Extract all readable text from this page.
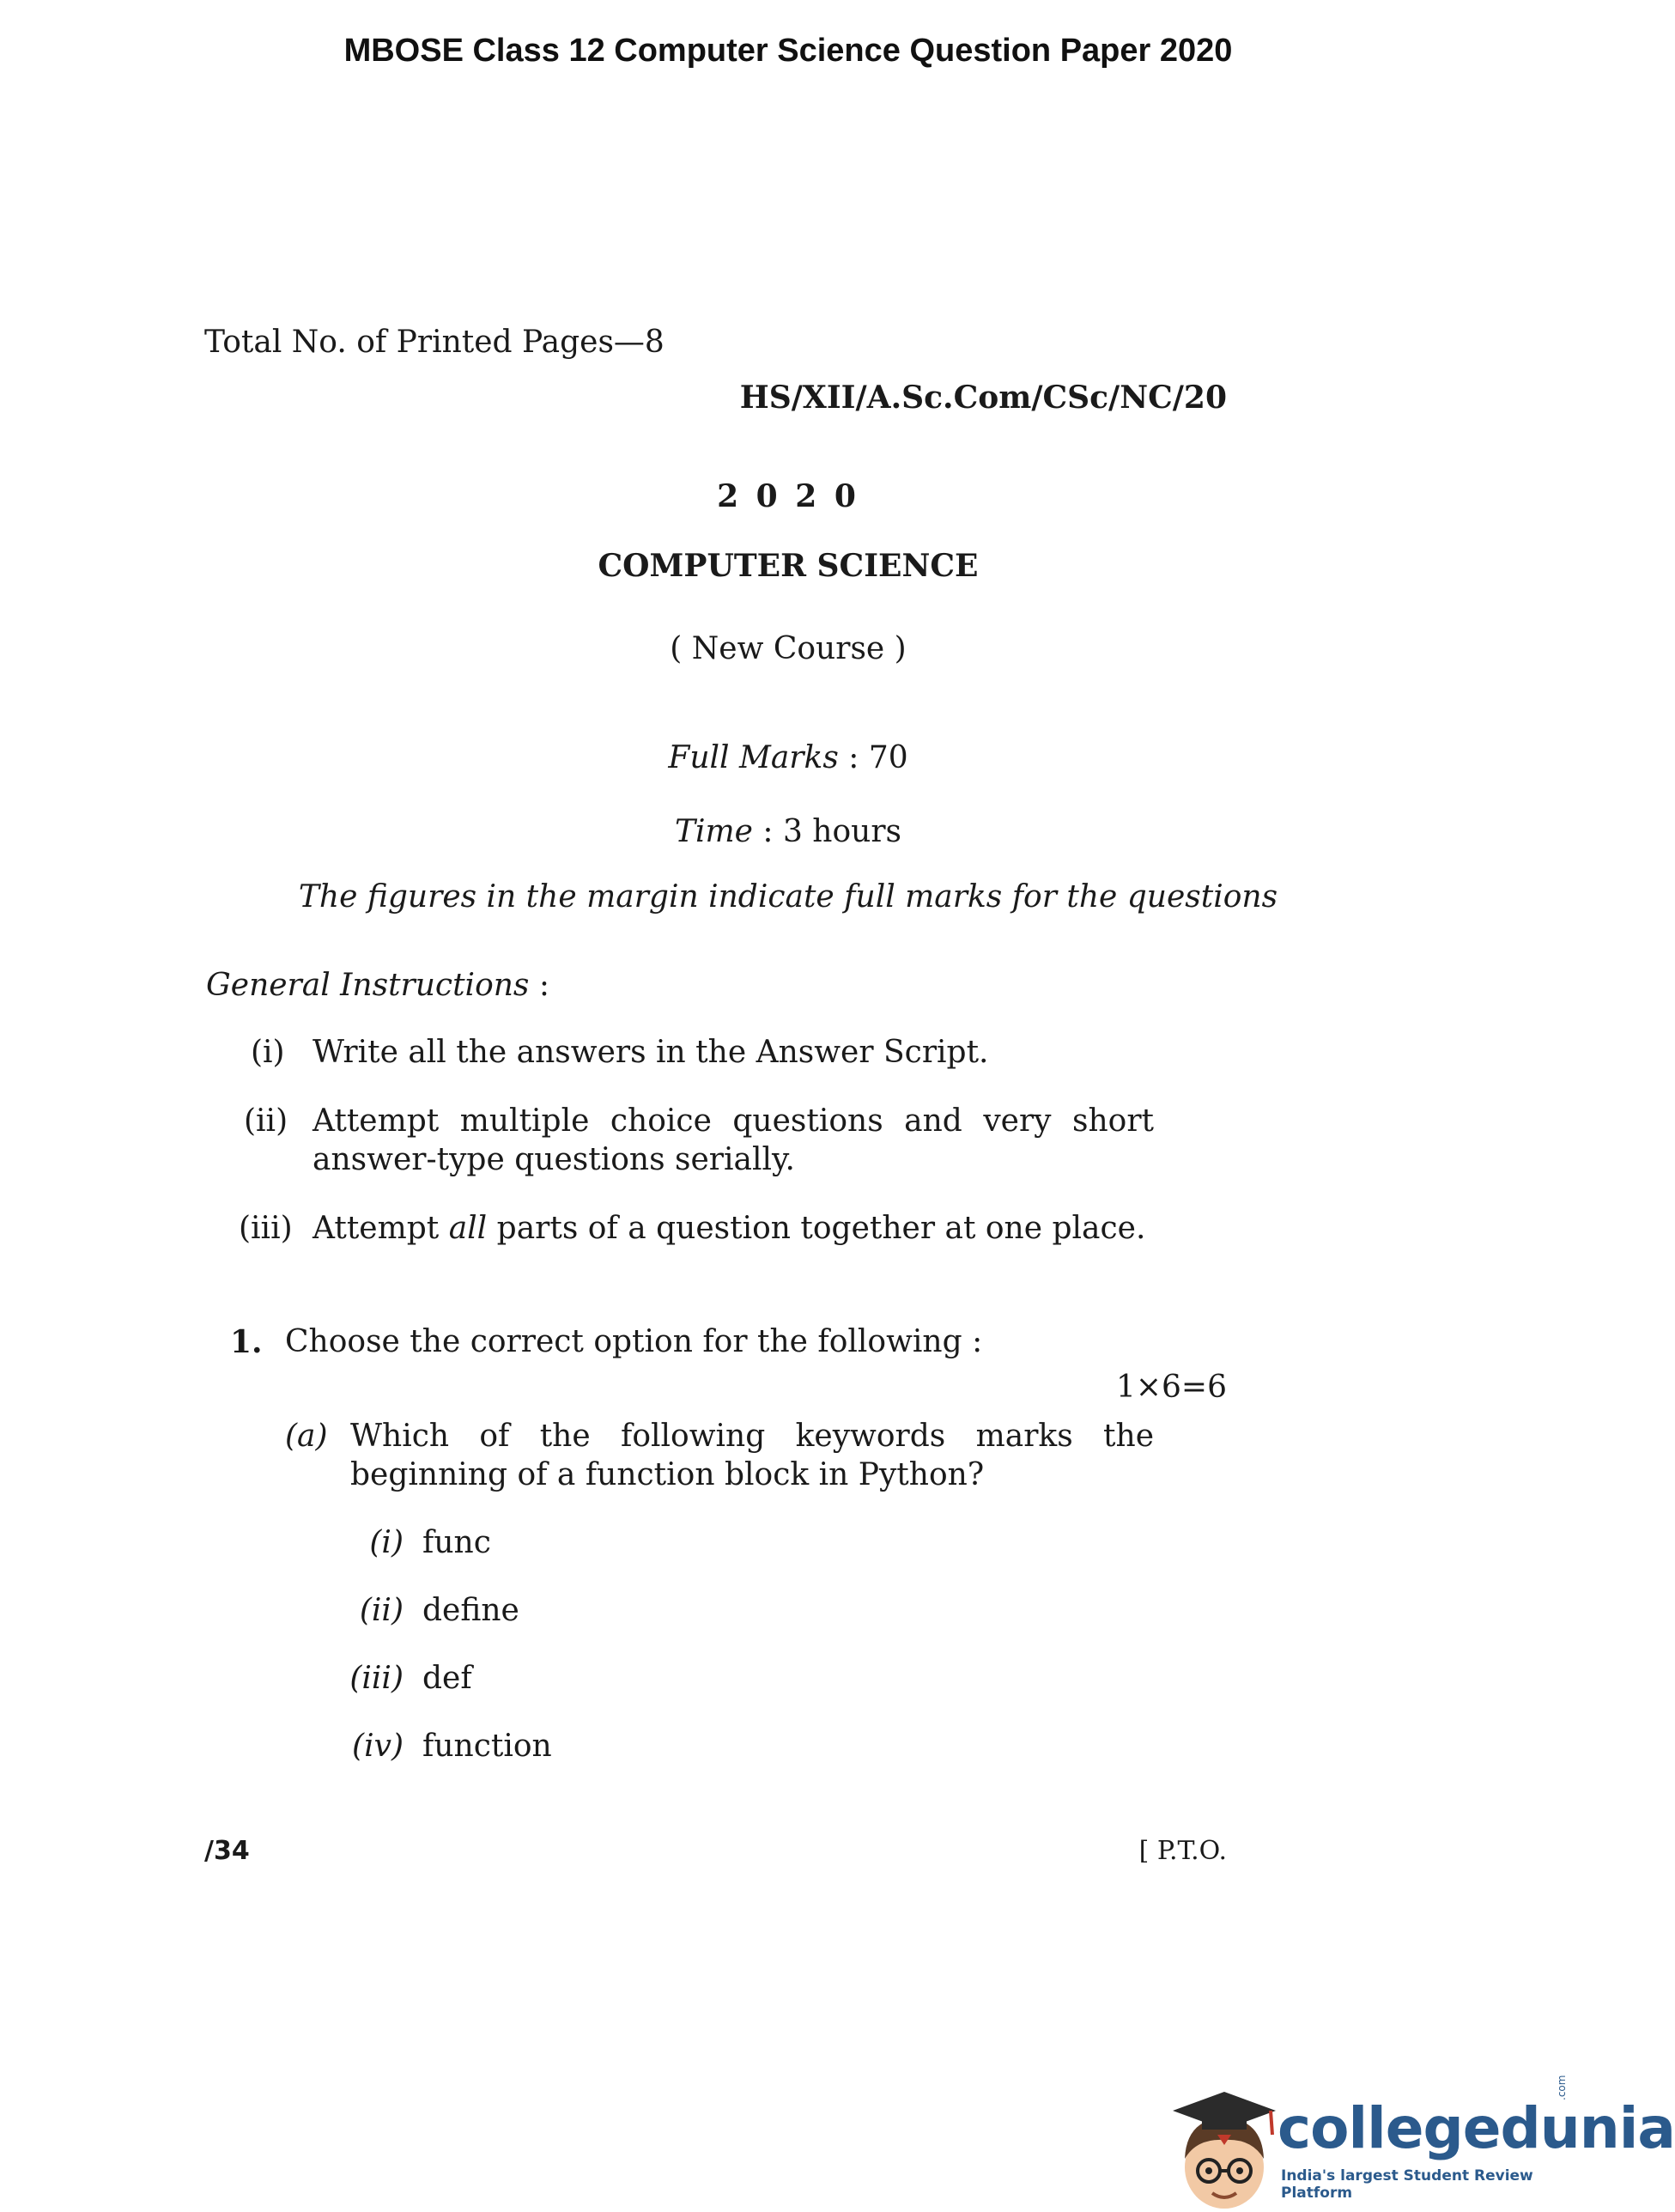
MBOSE Class 12 Computer Science Question Paper 2020
Total No. of Printed Pages—8
HS/XII/A.Sc.Com/CSc/NC/20
2 0 2 0
COMPUTER SCIENCE
( New Course )
Full Marks : 70
Time : 3 hours
The figures in the margin indicate full marks for the questions
General Instructions :
(i) Write all the answers in the Answer Script.
(ii) Attempt multiple choice questions and very short
answer-type questions serially.
(iii) Attempt all parts of a question together at one place.
1. Choose the correct option for the following :
1×6=6
(a) Which of the following keywords marks the
beginning of a function block in Python?
(i) func
(ii) define
(iii) def
(iv) function
/34	[ P.T.O.
collegedunia
.com
India's largest Student Review Platform
